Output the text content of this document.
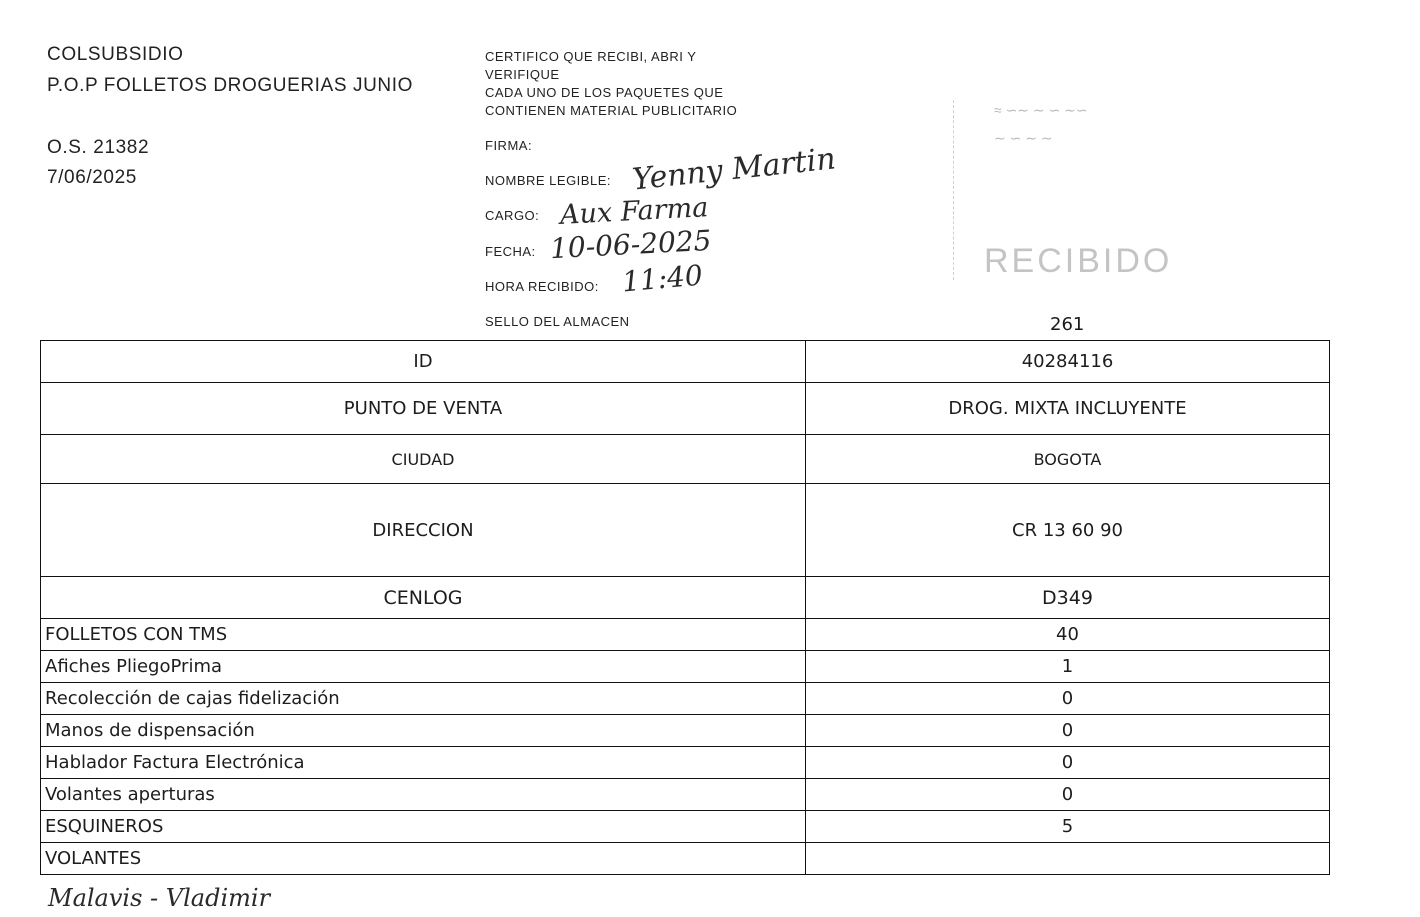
COLSUBSIDIO
P.O.P FOLLETOS DROGUERIAS JUNIO
O.S. 21382
7/06/2025
CERTIFICO QUE RECIBI, ABRI Y
VERIFIQUE
CADA UNO DE LOS PAQUETES QUE
CONTIENEN MATERIAL PUBLICITARIO
FIRMA:
NOMBRE LEGIBLE: Yenny Martin
CARGO: Aux Farma
FECHA: 10-06-2025
HORA RECIBIDO: 11:40
SELLO DEL ALMACEN
≈ ∽∼ ∼ ∽ ∼∽
∼ ∽ ∼ ∼
RECIBIDO
261
ID	40284116
PUNTO DE VENTA	DROG. MIXTA INCLUYENTE
CIUDAD	BOGOTA
DIRECCION	CR 13 60 90
CENLOG	D349
FOLLETOS CON TMS	40
Afiches PliegoPrima	1
Recolección de cajas fidelización	0
Manos de dispensación	0
Hablador Factura Electrónica	0
Volantes aperturas	0
ESQUINEROS	5
VOLANTES	
Malavis - Vladimir
